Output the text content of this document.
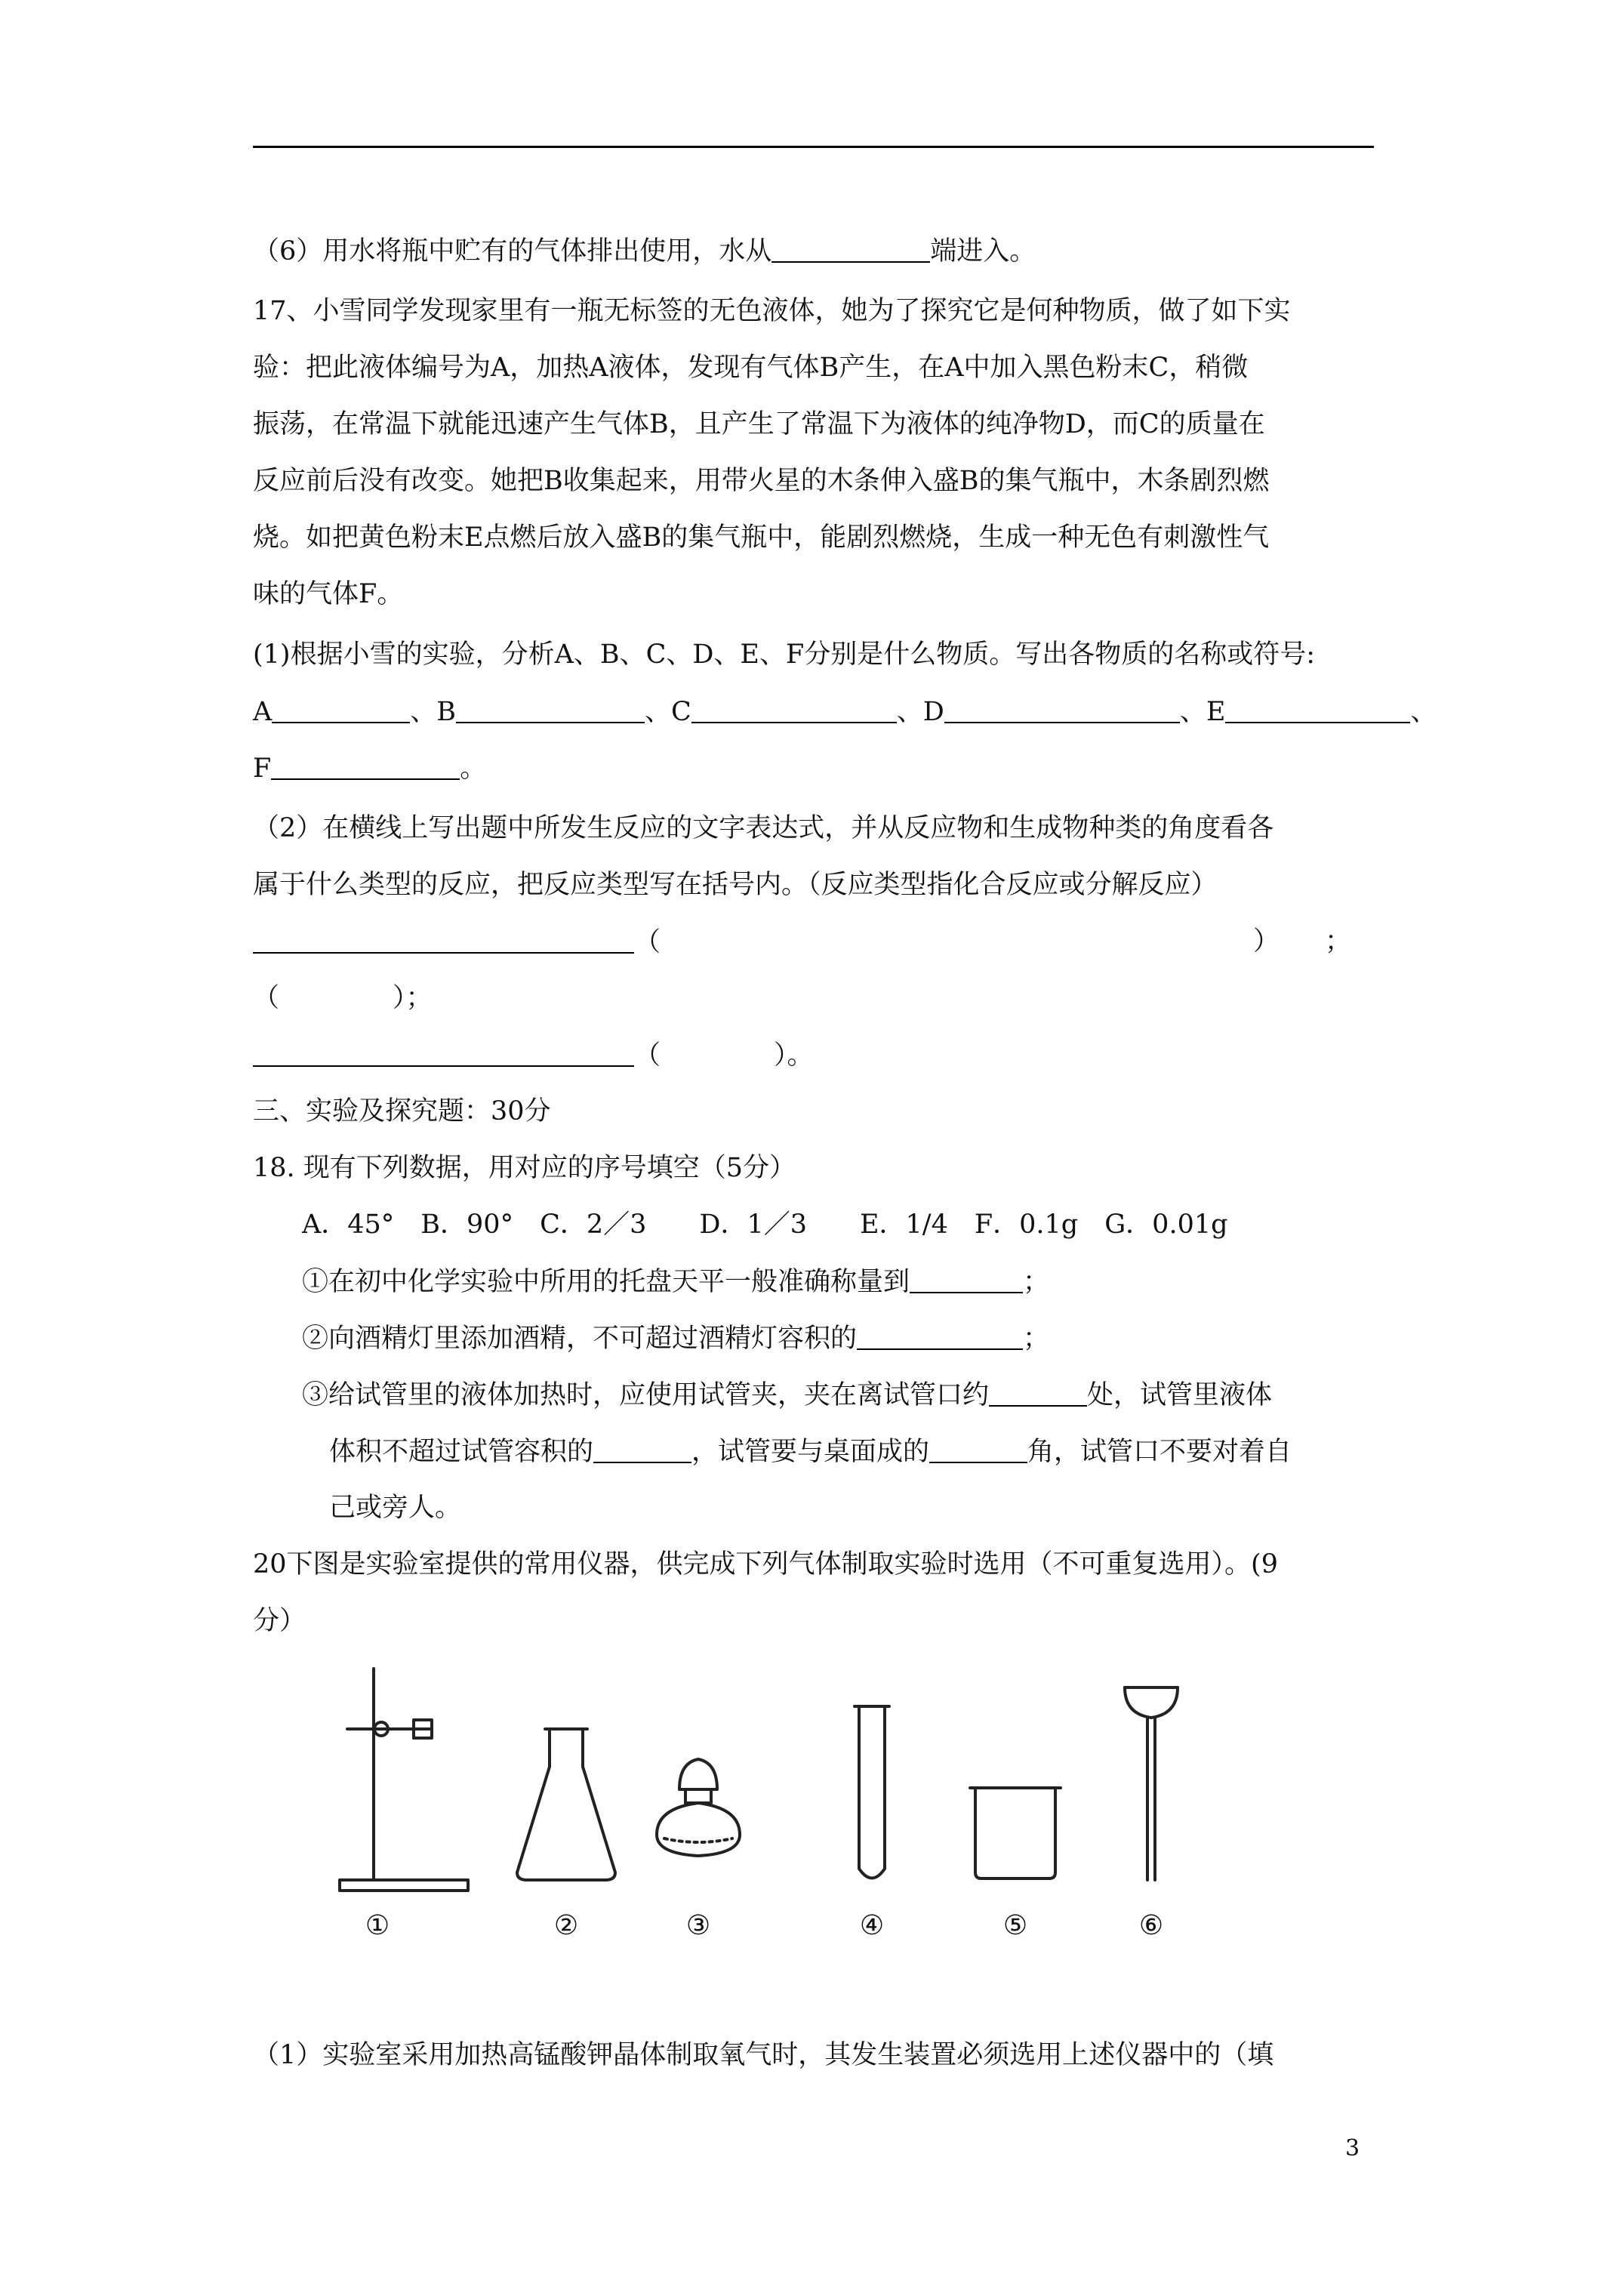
（6）用水将瓶中贮有的气体排出使用，水从	端进入。
17、小雪同学发现家里有一瓶无标签的无色液体，她为了探究它是何种物质，做了如下实
验：把此液体编号为A，加热A液体，发现有气体B产生，在A中加入黑色粉末C，稍微
振荡，在常温下就能迅速产生气体B，且产生了常温下为液体的纯净物D，而C的质量在
反应前后没有改变。她把B收集起来，用带火星的木条伸入盛B的集气瓶中，木条剧烈燃
烧。如把黄色粉末E点燃后放入盛B的集气瓶中，能剧烈燃烧，生成一种无色有刺激性气
味的气体F。
(1)根据小雪的实验，分析A、B、C、D、E、F分别是什么物质。写出各物质的名称或符号:
A	、B	、C	、D	、E	、
F	。
（2）在横线上写出题中所发生反应的文字表达式，并从反应物和生成物种类的角度看各
属于什么类型的反应，把反应类型写在括号内。（反应类型指化合反应或分解反应）
（	） ；
（	）；
（	）。
三、实验及探究题：30分
18. 现有下列数据，用对应的序号填空（5分）
A．45°　B．90°　C．2／3　　D．1／3　　E．1/4　F．0.1g　G．0.01g
①在初中化学实验中所用的托盘天平一般准确称量到	；
②向酒精灯里添加酒精，不可超过酒精灯容积的	；
③给试管里的液体加热时，应使用试管夹，夹在离试管口约	处，试管里液体
体积不超过试管容积的	，试管要与桌面成的	角，试管口不要对着自
己或旁人。
20下图是实验室提供的常用仪器，供完成下列气体制取实验时选用（不可重复选用）。(9
分）
①	②	③	④	⑤	⑥
（1）实验室采用加热高锰酸钾晶体制取氧气时，其发生装置必须选用上述仪器中的（填
3
